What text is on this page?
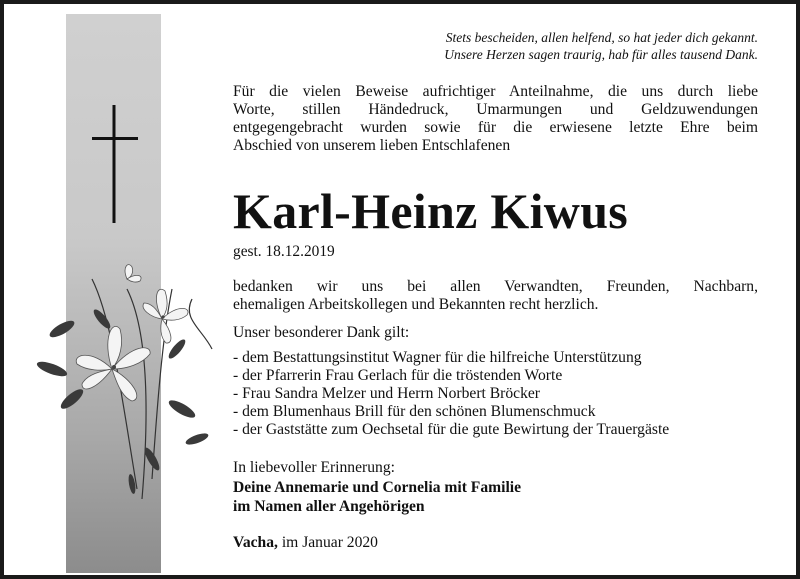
Stets bescheiden, allen helfend, so hat jeder dich gekannt.
Unsere Herzen sagen traurig, hab für alles tausend Dank.
Für die vielen Beweise aufrichtiger Anteilnahme, die uns durch liebe
Worte, stillen Händedruck, Umarmungen und Geldzuwendungen
entgegengebracht wurden sowie für die erwiesene letzte Ehre beim
Abschied von unserem lieben Entschlafenen
Karl-Heinz Kiwus
gest. 18.12.2019
bedanken wir uns bei allen Verwandten, Freunden, Nachbarn,
ehemaligen Arbeitskollegen und Bekannten recht herzlich.
Unser besonderer Dank gilt:
- dem Bestattungsinstitut Wagner für die hilfreiche Unterstützung
- der Pfarrerin Frau Gerlach für die tröstenden Worte
- Frau Sandra Melzer und Herrn Norbert Bröcker
- dem Blumenhaus Brill für den schönen Blumenschmuck
- der Gaststätte zum Oechsetal für die gute Bewirtung der Trauergäste
In liebevoller Erinnerung:
Deine Annemarie und Cornelia mit Familie
im Namen aller Angehörigen
Vacha, im Januar 2020
